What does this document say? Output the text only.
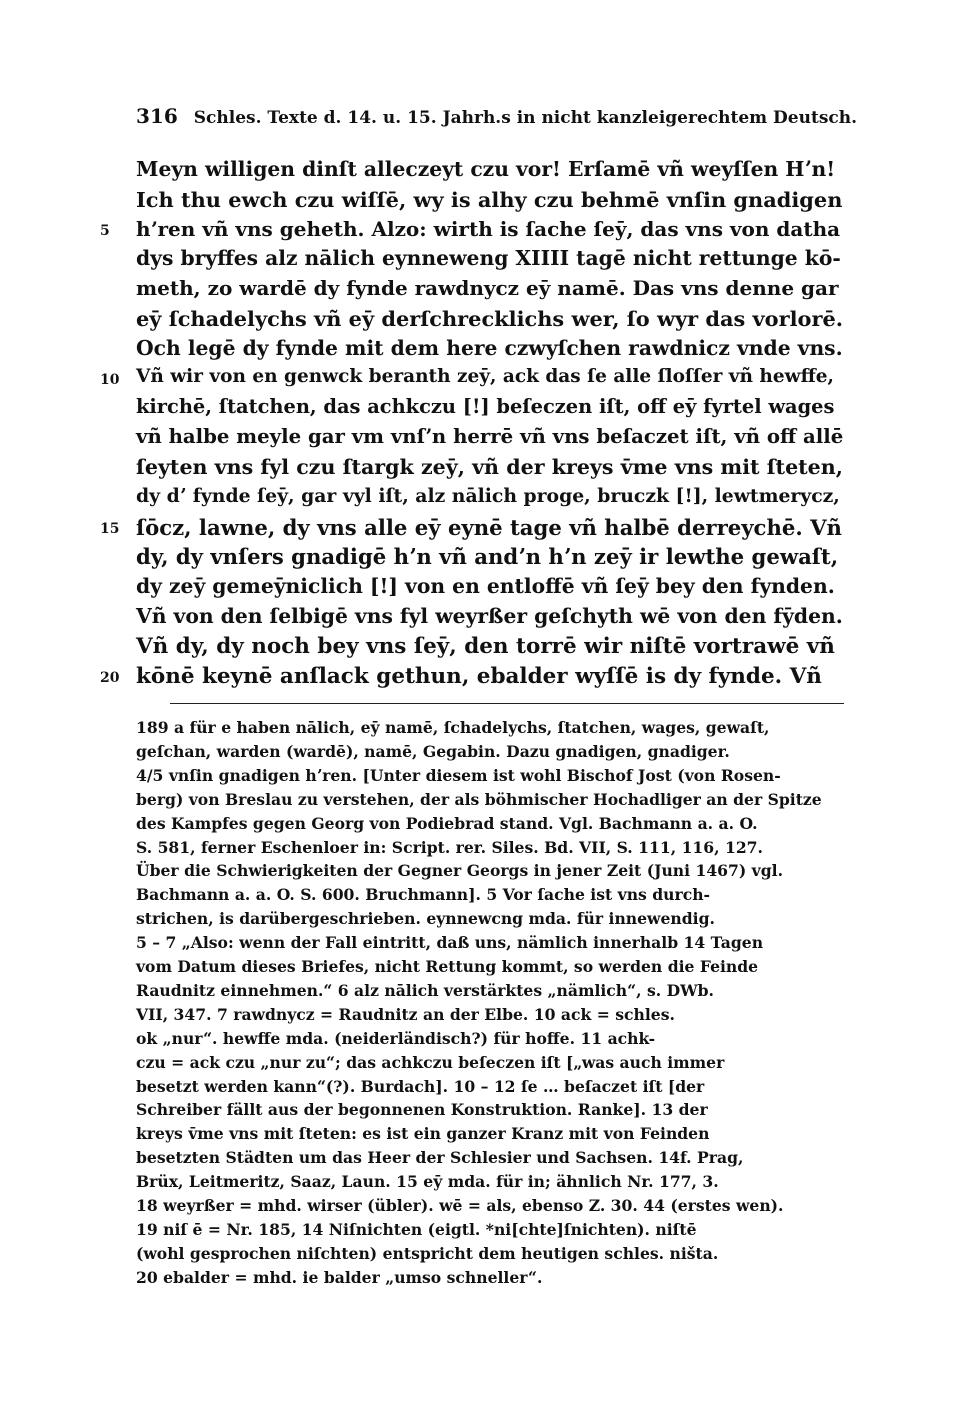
316 Schles. Texte d. 14. u. 15. Jahrh.s in nicht kanzleigerechtem Deutsch.
Meyn willigen dinſt alleczeyt czu vor! Erſamē vñ weyſſen Hʼn!
Ich thu ewch czu wiſſē, wy is alhy czu behmē vnſin gnadigen
5 hʼren vñ vns geheth. Alzo: wirth is ſache ſeȳ, das vns von datha
dys bryffes alz nālich eynneweng XIIII tagē nicht rettunge kō-
meth, zo wardē dy fynde rawdnycz eȳ namē. Das vns denne gar
eȳ ſchadelychs vñ eȳ derſchrecklichs wer, ſo wyr das vorlorē.
Och legē dy fynde mit dem here czwyſchen rawdnicz vnde vns.
10 Vñ wir von en genwck beranth zeȳ, ack das ſe alle ſloſſer vñ hewffe,
kirchē, ſtatchen, das achkczu [!] beſeczen iſt, off eȳ fyrtel wages
vñ halbe meyle gar vm vnſʼn herrē vñ vns beſaczet iſt, vñ off allē
ſeyten vns fyl czu ſtargk zeȳ, vñ der kreys v̄me vns mit ſteten,
dy dʼ fynde ſeȳ, gar vyl iſt, alz nālich proge, bruczk [!], lewtmerycz,
15 ſōcz, lawne, dy vns alle eȳ eynē tage vñ halbē derreychē. Vñ
dy, dy vnſers gnadigē hʼn vñ andʼn hʼn zeȳ ir lewthe gewaſt,
dy zeȳ gemeȳniclich [!] von en entloffē vñ ſeȳ bey den fynden.
Vñ von den ſelbigē vns fyl weyrßer geſchyth wē von den fȳden.
Vñ dy, dy noch bey vns ſeȳ, den torrē wir niſtē vortrawē vñ
20 kōnē keynē anſlack gethun, ebalder wyſſē is dy fynde. Vñ
189 a für e haben nālich, eȳ namē, ſchadelychs, ſtatchen, wages, gewaſt,
geſchan, warden (wardē), namē, Gegabin. Dazu gnadigen, gnadiger.
4/5 vnſin gnadigen hʼren. [Unter diesem ist wohl Bischof Jost (von Rosen-
berg) von Breslau zu verstehen, der als böhmischer Hochadliger an der Spitze
des Kampfes gegen Georg von Podiebrad stand. Vgl. Bachmann a. a. O.
S. 581, ferner Eschenloer in: Script. rer. Siles. Bd. VII, S. 111, 116, 127.
Über die Schwierigkeiten der Gegner Georgs in jener Zeit (Juni 1467) vgl.
Bachmann a. a. O. S. 600. Bruchmann]. 5 Vor ſache ist vns durch-
strichen, is darübergeschrieben. eynnewcng mda. für innewendig.
5 – 7 „Also: wenn der Fall eintritt, daß uns, nämlich innerhalb 14 Tagen
vom Datum dieses Briefes, nicht Rettung kommt, so werden die Feinde
Raudnitz einnehmen.“ 6 alz nālich verstärktes „nämlich“, s. DWb.
VII, 347. 7 rawdnycz = Raudnitz an der Elbe. 10 ack = schles.
ok „nur“. hewffe mda. (neiderländisch?) für hoffe. 11 achk-
czu = ack czu „nur zu“; das achkczu beſeczen iſt [„was auch immer
besetzt werden kann“(?). Burdach]. 10 – 12 ſe … beſaczet iſt [der
Schreiber fällt aus der begonnenen Konstruktion. Ranke]. 13 der
kreys v̄me vns mit ſteten: es ist ein ganzer Kranz mit von Feinden
besetzten Städten um das Heer der Schlesier und Sachsen. 14f. Prag,
Brüx, Leitmeritz, Saaz, Laun. 15 eȳ mda. für in; ähnlich Nr. 177, 3.
18 weyrßer = mhd. wirser (übler). wē = als, ebenso Z. 30. 44 (erstes wen).
19 niſ ē = Nr. 185, 14 Niſnichten (eigtl. *ni[chte]ſnichten). niſtē
(wohl gesprochen niſchten) entspricht dem heutigen schles. ništa.
20 ebalder = mhd. ie balder „umso schneller“.
